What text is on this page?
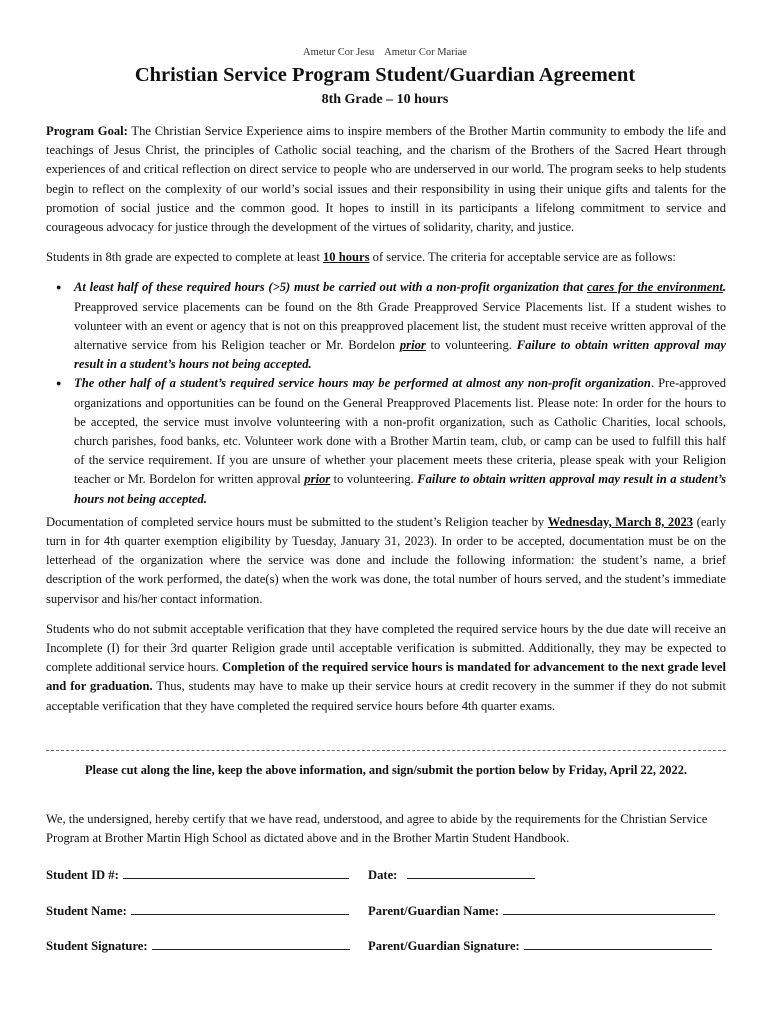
Ametur Cor Jesu    Ametur Cor Mariae
Christian Service Program Student/Guardian Agreement
8th Grade – 10 hours

Program Goal: The Christian Service Experience aims to inspire members of the Brother Martin community to embody the life and teachings of Jesus Christ, the principles of Catholic social teaching, and the charism of the Brothers of the Sacred Heart through experiences of and critical reflection on direct service to people who are underserved in our world. The program seeks to help students begin to reflect on the complexity of our world’s social issues and their responsibility in using their unique gifts and talents for the promotion of social justice and the common good. It hopes to instill in its participants a lifelong commitment to service and courageous advocacy for justice through the development of the virtues of solidarity, charity, and justice.

Students in 8th grade are expected to complete at least 10 hours of service. The criteria for acceptable service are as follows:

● At least half of these required hours (>5) must be carried out with a non-profit organization that cares for the environment. Preapproved service placements can be found on the 8th Grade Preapproved Service Placements list. If a student wishes to volunteer with an event or agency that is not on this preapproved placement list, the student must receive written approval of the alternative service from his Religion teacher or Mr. Bordelon prior to volunteering. Failure to obtain written approval may result in a student’s hours not being accepted.
● The other half of a student’s required service hours may be performed at almost any non-profit organization. Pre-approved organizations and opportunities can be found on the General Preapproved Placements list. Please note: In order for the hours to be accepted, the service must involve volunteering with a non-profit organization, such as Catholic Charities, local schools, church parishes, food banks, etc. Volunteer work done with a Brother Martin team, club, or camp can be used to fulfill this half of the service requirement. If you are unsure of whether your placement meets these criteria, please speak with your Religion teacher or Mr. Bordelon for written approval prior to volunteering. Failure to obtain written approval may result in a student’s hours not being accepted.

Documentation of completed service hours must be submitted to the student’s Religion teacher by Wednesday, March 8, 2023 (early turn in for 4th quarter exemption eligibility by Tuesday, January 31, 2023). In order to be accepted, documentation must be on the letterhead of the organization where the service was done and include the following information: the student’s name, a brief description of the work performed, the date(s) when the work was done, the total number of hours served, and the student’s immediate supervisor and his/her contact information.

Students who do not submit acceptable verification that they have completed the required service hours by the due date will receive an Incomplete (I) for their 3rd quarter Religion grade until acceptable verification is submitted. Additionally, they may be expected to complete additional service hours. Completion of the required service hours is mandated for advancement to the next grade level and for graduation. Thus, students may have to make up their service hours at credit recovery in the summer if they do not submit acceptable verification that they have completed the required service hours before 4th quarter exams.

Please cut along the line, keep the above information, and sign/submit the portion below by Friday, April 22, 2022.
We, the undersigned, hereby certify that we have read, understood, and agree to abide by the requirements for the Christian Service Program at Brother Martin High School as dictated above and in the Brother Martin Student Handbook.
Student ID #:	Date:
Student Name:	Parent/Guardian Name:
Student Signature:	Parent/Guardian Signature:
